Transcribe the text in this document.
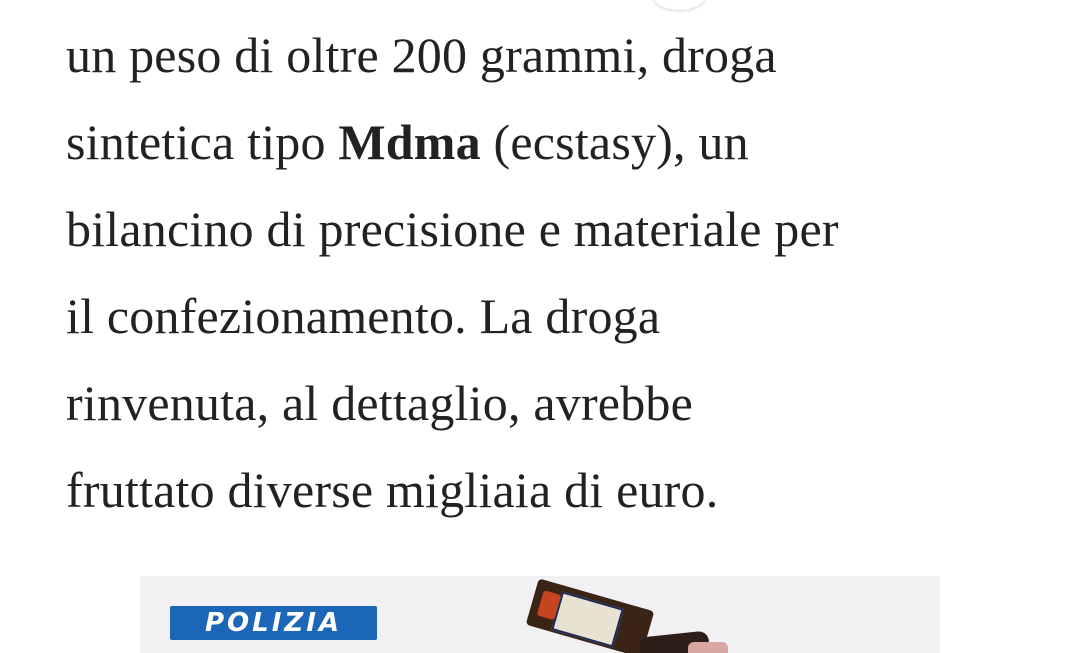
un peso di oltre 200 grammi, droga
sintetica tipo Mdma (ecstasy), un
bilancino di precisione e materiale per
il confezionamento. La droga
rinvenuta, al dettaglio, avrebbe
fruttato diverse migliaia di euro.

POLIZIA
